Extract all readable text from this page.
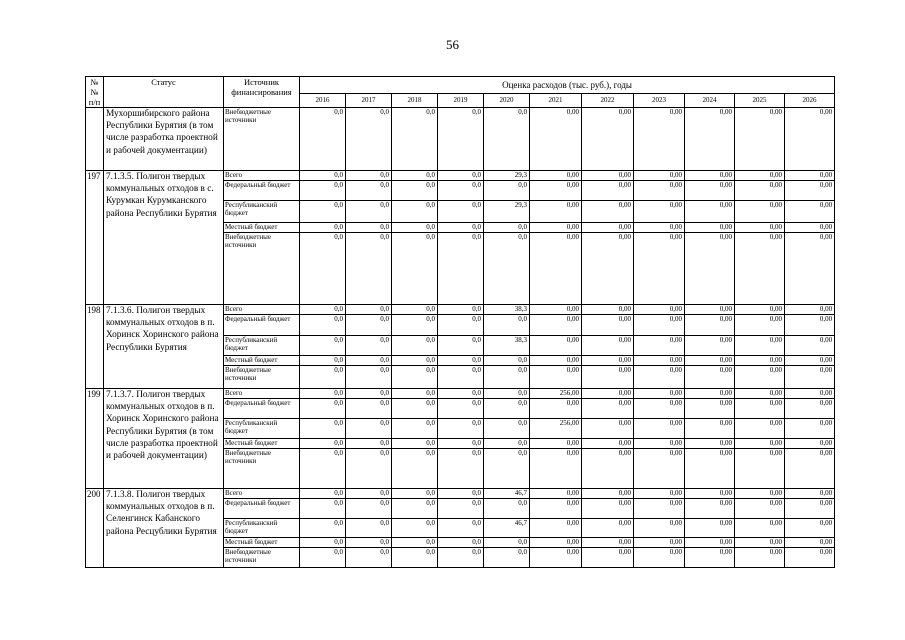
56
№
№
п/п	Статус	Источник финансирования	Оценка расходов (тыс. руб.), годы										
			2016	2017	2018	2019	2020	2021	2022	2023	2024	2025	2026
	Мухоршибирского района Республики Бурятия (в том числе разработка проектной и рабочей документации)	Внебюджетные источники	0,0	0,0	0,0	0,0	0,0	0,00	0,00	0,00	0,00	0,00	0,00
197	7.1.3.5. Полигон твердых коммунальных отходов в с. Курумкан Курумканского района Республики Бурятия	Всего	0,0	0,0	0,0	0,0	29,3	0,00	0,00	0,00	0,00	0,00	0,00
		Федеральный бюджет	0,0	0,0	0,0	0,0	0,0	0,00	0,00	0,00	0,00	0,00	0,00
		Республиканский бюджет	0,0	0,0	0,0	0,0	29,3	0,00	0,00	0,00	0,00	0,00	0,00
		Местный бюджет	0,0	0,0	0,0	0,0	0,0	0,00	0,00	0,00	0,00	0,00	0,00
		Внебюджетные источники	0,0	0,0	0,0	0,0	0,0	0,00	0,00	0,00	0,00	0,00	0,00
198	7.1.3.6. Полигон твердых коммунальных отходов в п. Хоринск Хоринского района Республики Бурятия	Всего	0,0	0,0	0,0	0,0	38,3	0,00	0,00	0,00	0,00	0,00	0,00
		Федеральный бюджет	0,0	0,0	0,0	0,0	0,0	0,00	0,00	0,00	0,00	0,00	0,00
		Республиканский бюджет	0,0	0,0	0,0	0,0	38,3	0,00	0,00	0,00	0,00	0,00	0,00
		Местный бюджет	0,0	0,0	0,0	0,0	0,0	0,00	0,00	0,00	0,00	0,00	0,00
		Внебюджетные источники	0,0	0,0	0,0	0,0	0,0	0,00	0,00	0,00	0,00	0,00	0,00
199	7.1.3.7. Полигон твердых коммунальных отходов в п. Хоринск Хоринского района Республики Бурятия (в том числе разработка проектной и рабочей документации)	Всего	0,0	0,0	0,0	0,0	0,0	256,00	0,00	0,00	0,00	0,00	0,00
		Федеральный бюджет	0,0	0,0	0,0	0,0	0,0	0,00	0,00	0,00	0,00	0,00	0,00
		Республиканский бюджет	0,0	0,0	0,0	0,0	0,0	256,00	0,00	0,00	0,00	0,00	0,00
		Местный бюджет	0,0	0,0	0,0	0,0	0,0	0,00	0,00	0,00	0,00	0,00	0,00
		Внебюджетные источники	0,0	0,0	0,0	0,0	0,0	0,00	0,00	0,00	0,00	0,00	0,00
200	7.1.3.8. Полигон твердых коммунальных отходов в п. Селенгинск Кабанского района Ресцублики Бурятия	Всего	0,0	0,0	0,0	0,0	46,7	0,00	0,00	0,00	0,00	0,00	0,00
		Федеральный бюджет	0,0	0,0	0,0	0,0	0,0	0,00	0,00	0,00	0,00	0,00	0,00
		Республиканский бюджет	0,0	0,0	0,0	0,0	46,7	0,00	0,00	0,00	0,00	0,00	0,00
		Местный бюджет	0,0	0,0	0,0	0,0	0,0	0,00	0,00	0,00	0,00	0,00	0,00
		Внебюджетные источники	0,0	0,0	0,0	0,0	0,0	0,00	0,00	0,00	0,00	0,00	0,00
